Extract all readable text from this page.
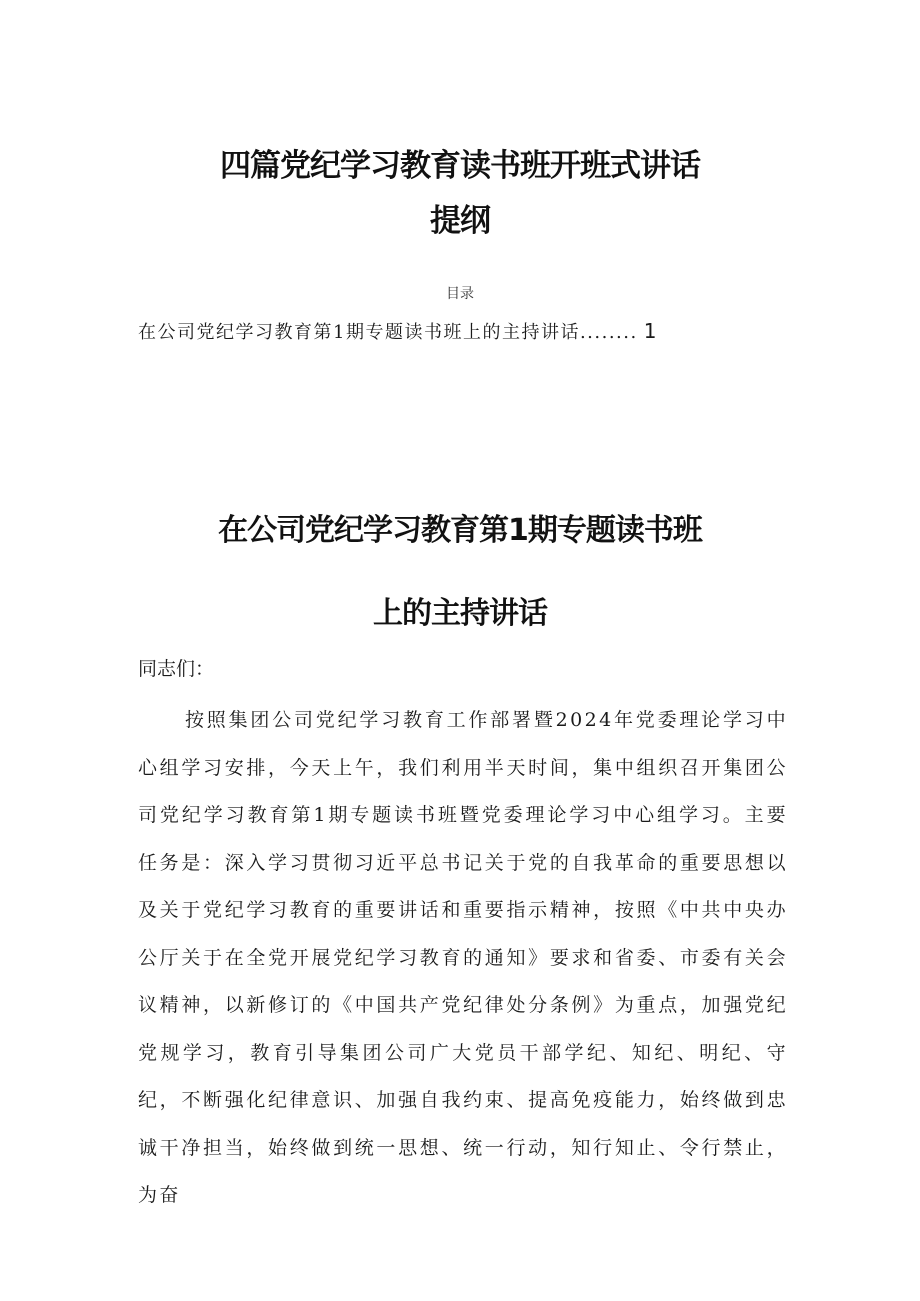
四篇党纪学习教育读书班开班式讲话
提纲
目录
在公司党纪学习教育第1期专题读书班上的主持讲话........ 1
在公司党纪学习教育第1期专题读书班
上的主持讲话
同志们：

按照集团公司党纪学习教育工作部署暨2024年党委理论学习中心组学习安排，今天上午，我们利用半天时间，集中组织召开集团公司党纪学习教育第1期专题读书班暨党委理论学习中心组学习。主要任务是：深入学习贯彻习近平总书记关于党的自我革命的重要思想以及关于党纪学习教育的重要讲话和重要指示精神，按照《中共中央办公厅关于在全党开展党纪学习教育的通知》要求和省委、市委有关会议精神，以新修订的《中国共产党纪律处分条例》为重点，加强党纪党规学习，教育引导集团公司广大党员干部学纪、知纪、明纪、守纪，不断强化纪律意识、加强自我约束、提高免疫能力，始终做到忠诚干净担当，始终做到统一思想、统一行动，知行知止、令行禁止，为奋
